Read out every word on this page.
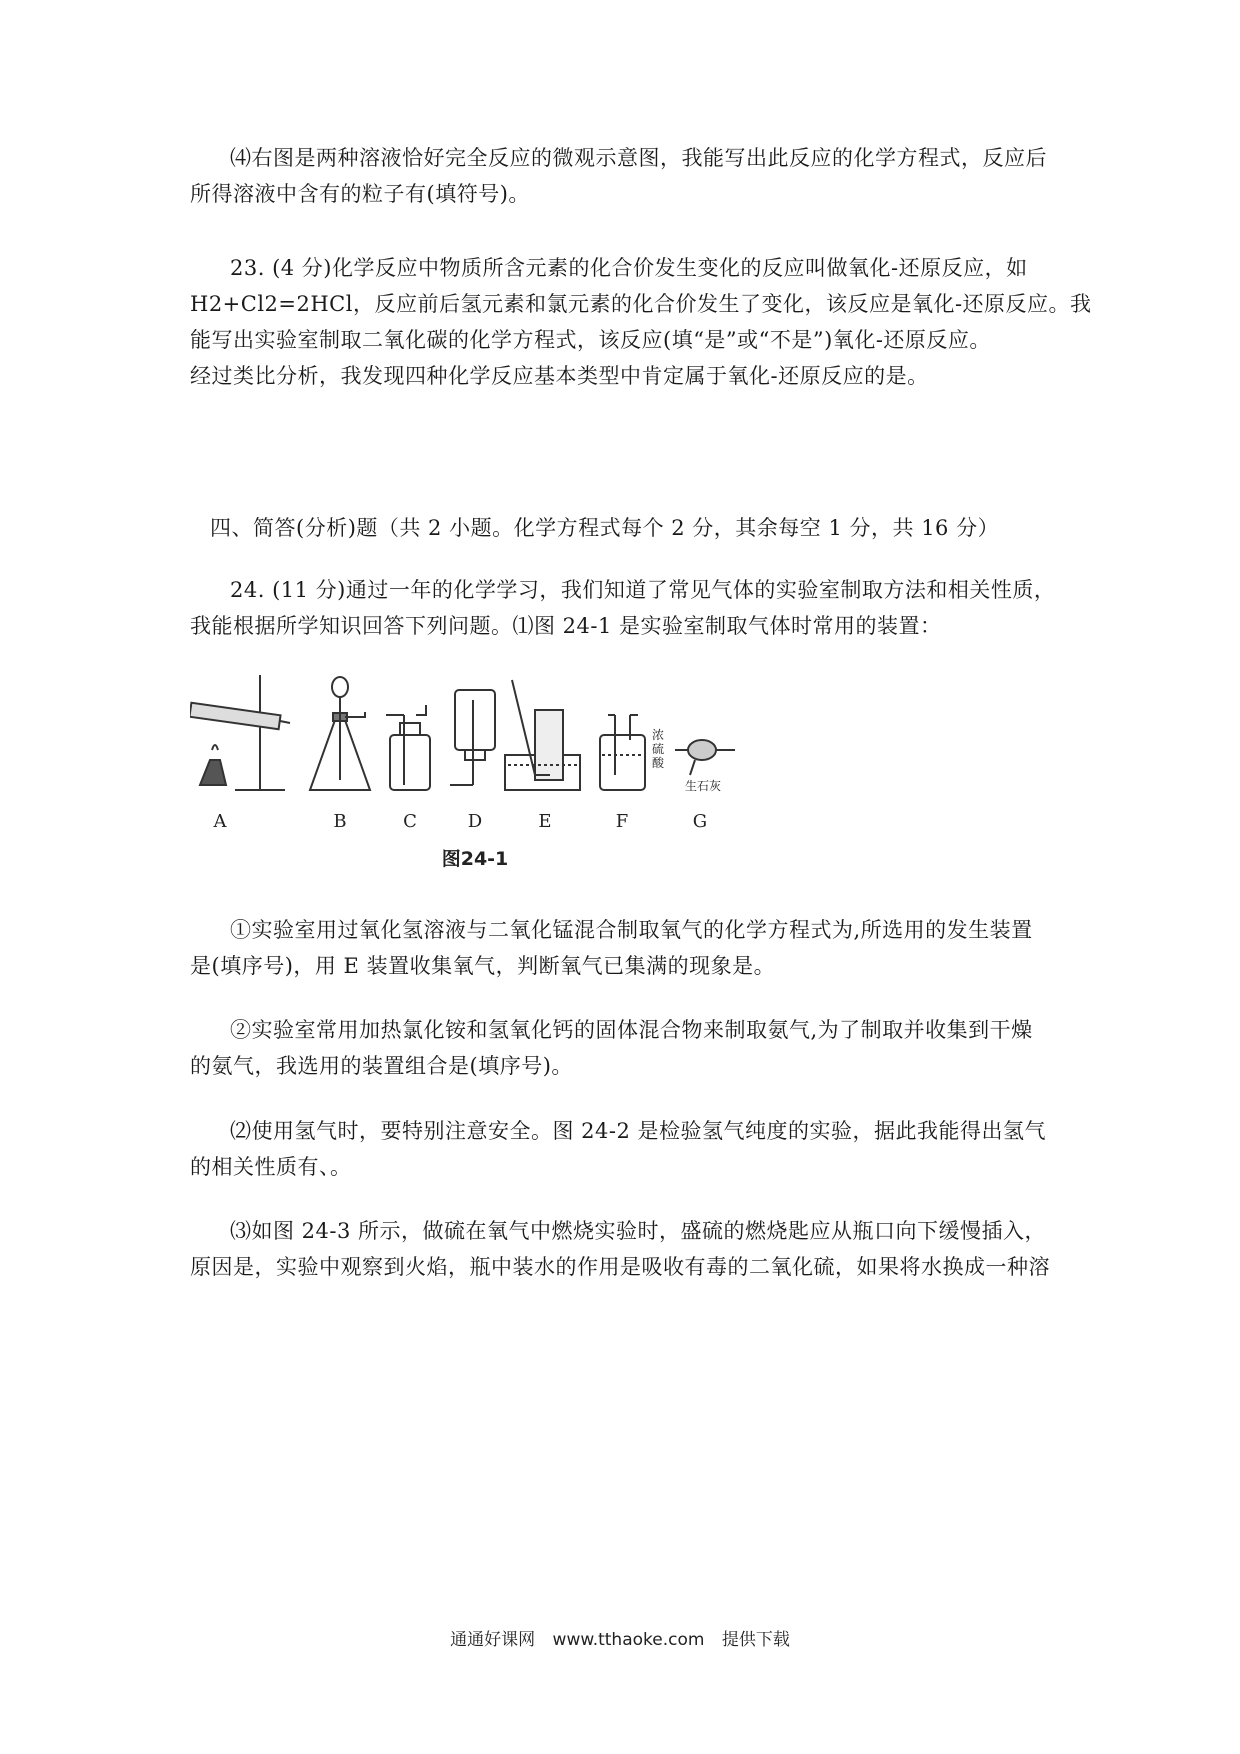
⑷右图是两种溶液恰好完全反应的微观示意图，我能写出此反应的化学方程式，反应后
所得溶液中含有的粒子有(填符号)。
23. (4 分)化学反应中物质所含元素的化合价发生变化的反应叫做氧化-还原反应，如
H2+Cl2=2HCl，反应前后氢元素和氯元素的化合价发生了变化，该反应是氧化-还原反应。我
能写出实验室制取二氧化碳的化学方程式，该反应(填“是”或“不是”)氧化-还原反应。
经过类比分析，我发现四种化学反应基本类型中肯定属于氧化-还原反应的是。
四、简答(分析)题（共 2 小题。化学方程式每个 2 分，其余每空 1 分，共 16 分）
24. (11 分)通过一年的化学学习，我们知道了常见气体的实验室制取方法和相关性质，
我能根据所学知识回答下列问题。⑴图 24-1 是实验室制取气体时常用的装置：
浓硫酸
生石灰
A	B	C	D	E	F	G
图24-1
①实验室用过氧化氢溶液与二氧化锰混合制取氧气的化学方程式为,所选用的发生装置
是(填序号)，用 E 装置收集氧气，判断氧气已集满的现象是。
②实验室常用加热氯化铵和氢氧化钙的固体混合物来制取氨气,为了制取并收集到干燥
的氨气，我选用的装置组合是(填序号)。
⑵使用氢气时，要特别注意安全。图 24-2 是检验氢气纯度的实验，据此我能得出氢气
的相关性质有、。
⑶如图 24-3 所示，做硫在氧气中燃烧实验时，盛硫的燃烧匙应从瓶口向下缓慢插入，
原因是，实验中观察到火焰，瓶中装水的作用是吸收有毒的二氧化硫，如果将水换成一种溶
通通好课网 www.tthaoke.com 提供下载
